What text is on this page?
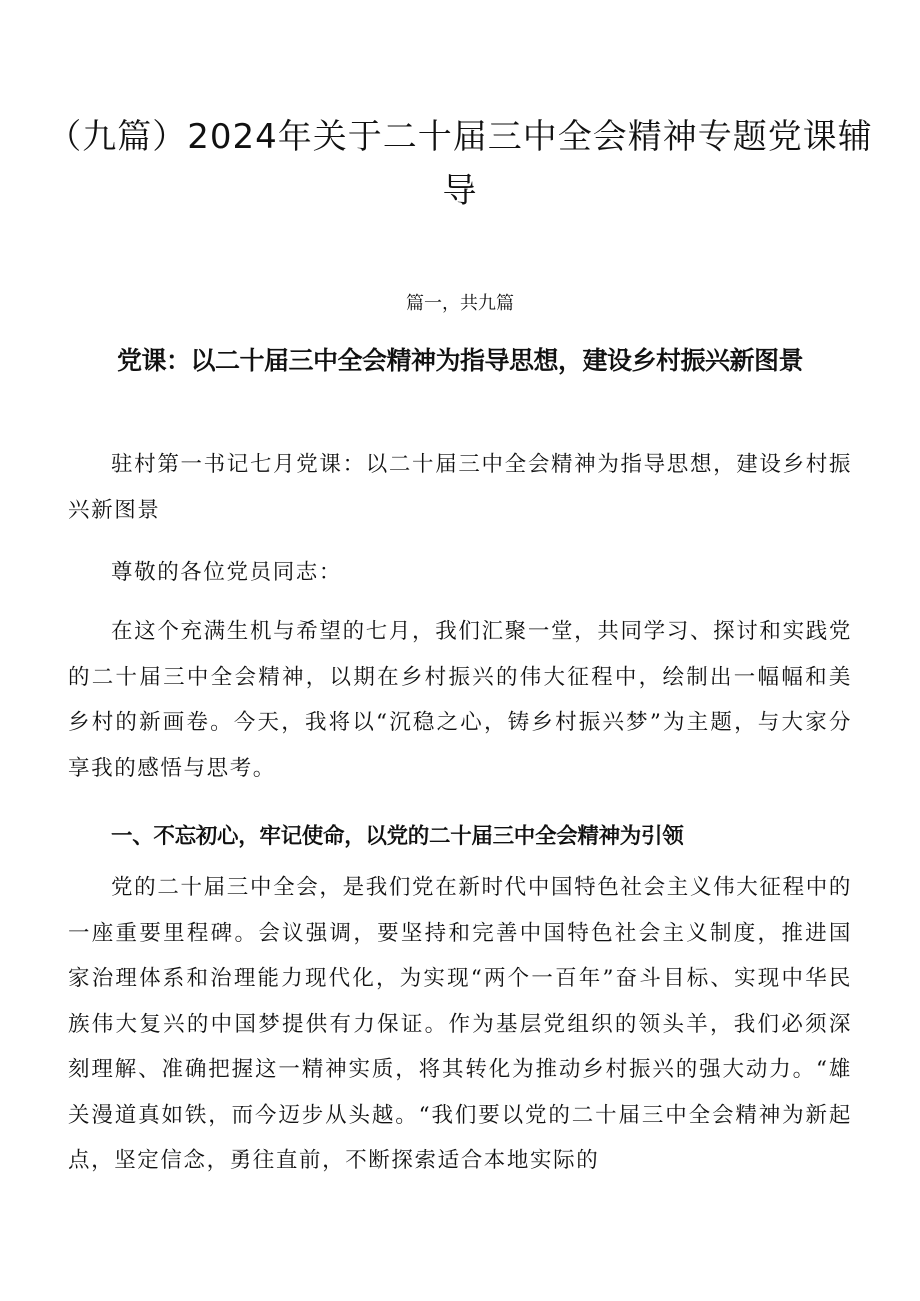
（九篇）2024年关于二十届三中全会精神专题党课辅导

篇一，共九篇

党课：以二十届三中全会精神为指导思想，建设乡村振兴新图景

驻村第一书记七月党课：以二十届三中全会精神为指导思想，建设乡村振兴新图景

尊敬的各位党员同志：

在这个充满生机与希望的七月，我们汇聚一堂，共同学习、探讨和实践党的二十届三中全会精神，以期在乡村振兴的伟大征程中，绘制出一幅幅和美乡村的新画卷。今天，我将以“沉稳之心，铸乡村振兴梦”为主题，与大家分享我的感悟与思考。

一、不忘初心，牢记使命，以党的二十届三中全会精神为引领

党的二十届三中全会，是我们党在新时代中国特色社会主义伟大征程中的一座重要里程碑。会议强调，要坚持和完善中国特色社会主义制度，推进国家治理体系和治理能力现代化，为实现“两个一百年”奋斗目标、实现中华民族伟大复兴的中国梦提供有力保证。作为基层党组织的领头羊，我们必须深刻理解、准确把握这一精神实质，将其转化为推动乡村振兴的强大动力。“雄关漫道真如铁，而今迈步从头越。“我们要以党的二十届三中全会精神为新起点，坚定信念，勇往直前，不断探索适合本地实际的
